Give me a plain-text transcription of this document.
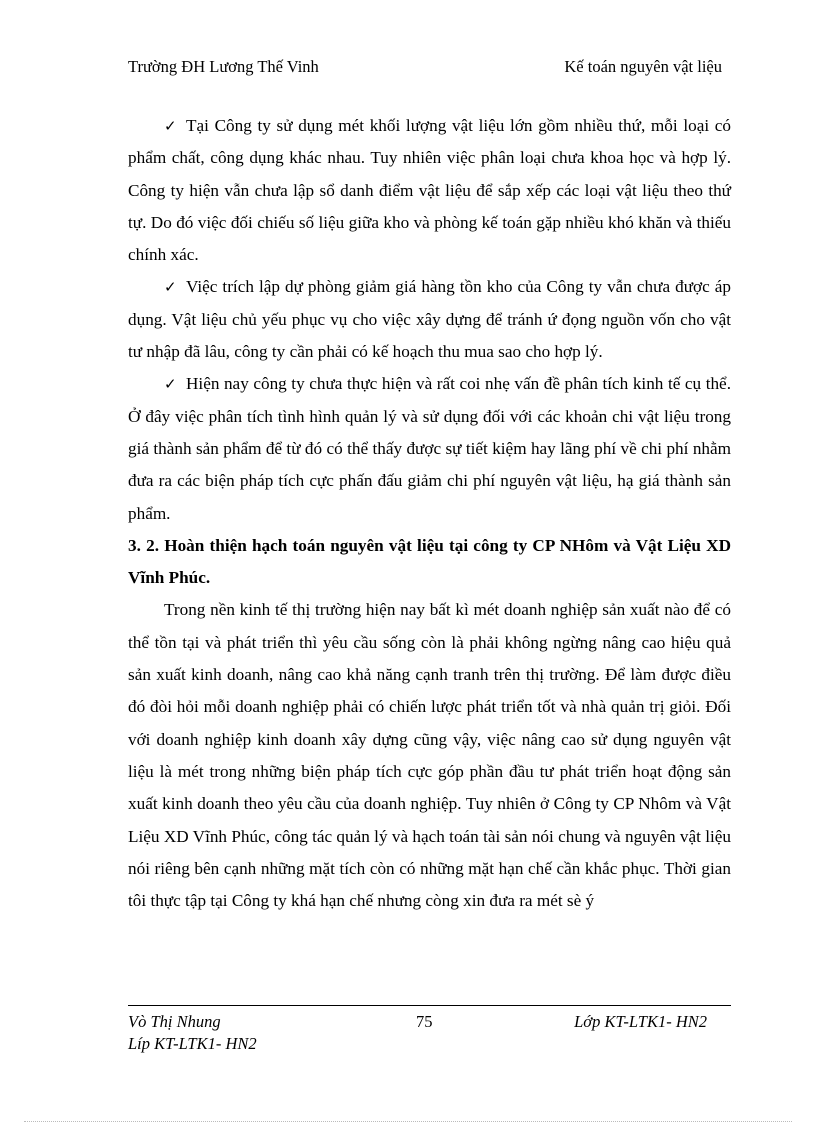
Trường ĐH Lương Thế Vinh	Kế toán nguyên vật liệu

✓ Tại Công ty sử dụng mét khối lượng vật liệu lớn gồm nhiều thứ, mỗi loại có phẩm chất, công dụng khác nhau. Tuy nhiên việc phân loại chưa khoa học và hợp lý. Công ty hiện vẫn chưa lập sổ danh điểm vật liệu để sắp xếp các loại vật liệu theo thứ tự. Do đó việc đối chiếu số liệu giữa kho và phòng kế toán gặp nhiều khó khăn và thiếu chính xác.

✓ Việc trích lập dự phòng giảm giá hàng tồn kho của Công ty vẫn chưa được áp dụng. Vật liệu chủ yếu phục vụ cho việc xây dựng để tránh ứ đọng nguồn vốn cho vật tư nhập đã lâu, công ty cần phải có kế hoạch thu mua sao cho hợp lý.

✓ Hiện nay công ty chưa thực hiện và rất coi nhẹ vấn đề phân tích kinh tế cụ thể. Ở đây việc phân tích tình hình quản lý và sử dụng đối với các khoản chi vật liệu trong giá thành sản phẩm để từ đó có thể thấy được sự tiết kiệm hay lãng phí về chi phí nhằm đưa ra các biện pháp tích cực phấn đấu giảm chi phí nguyên vật liệu, hạ giá thành sản phẩm.

3. 2. Hoàn thiện hạch toán nguyên vật liệu tại công ty CP NHôm và Vật Liệu XD Vĩnh Phúc.

Trong nền kinh tế thị trường hiện nay bất kì mét doanh nghiệp sản xuất nào để có thể tồn tại và phát triển thì yêu cầu sống còn là phải không ngừng nâng cao hiệu quả sản xuất kinh doanh, nâng cao khả năng cạnh tranh trên thị trường. Để làm được điều đó đòi hỏi mỗi doanh nghiệp phải có chiến lược phát triển tốt và nhà quản trị giỏi. Đối với doanh nghiệp kinh doanh xây dựng cũng vậy, việc nâng cao sử dụng nguyên vật liệu là mét trong những biện pháp tích cực góp phần đầu tư phát triển hoạt động sản xuất kinh doanh theo yêu cầu của doanh nghiệp. Tuy nhiên ở Công ty CP Nhôm và Vật Liệu XD Vĩnh Phúc, công tác quản lý và hạch toán tài sản nói chung và nguyên vật liệu nói riêng bên cạnh những mặt tích còn có những mặt hạn chế cần khắc phục. Thời gian tôi thực tập tại Công ty khá hạn chế nhưng còng xin đưa ra mét sè ý

Vò Thị Nhung	75	Lớp KT-LTK1- HN2
Líp KT-LTK1- HN2
